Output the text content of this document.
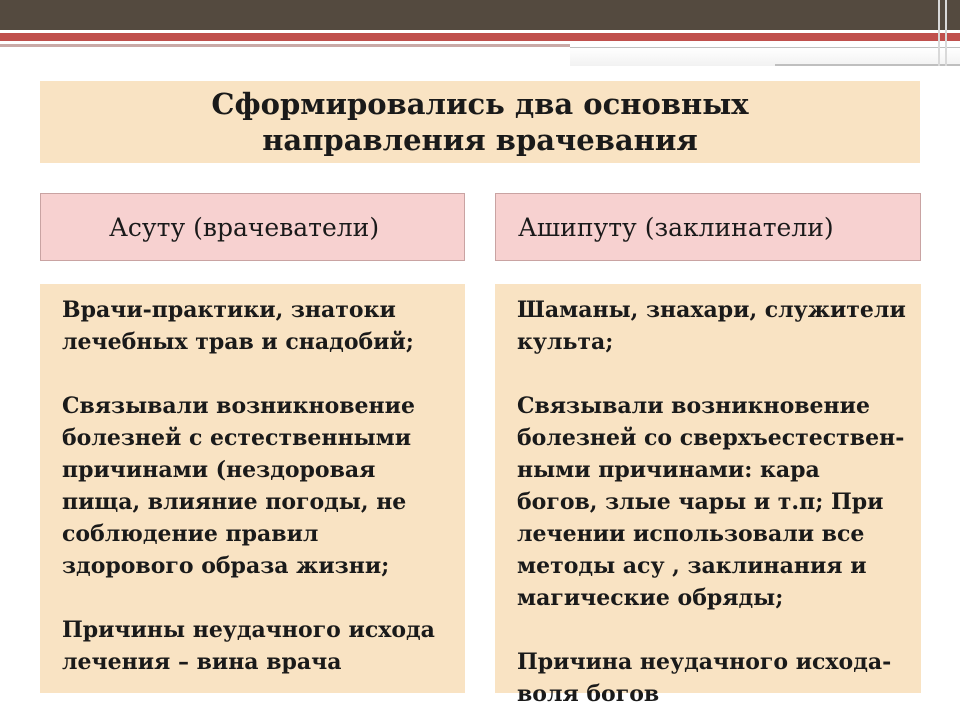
Сформировались два основных
направления врачевания
Асуту (врачеватели)	Ашипуту (заклинатели)

Врачи-практики, знатоки
лечебных трав и снадобий;

Связывали возникновение
болезней с естественными
причинами (нездоровая
пища, влияние погоды, не
соблюдение правил
здорового образа жизни;

Причины неудачного исхода
лечения – вина врача

Шаманы, знахари, служители
культа;

Связывали возникновение
болезней со сверхъестествен-
ными причинами: кара
богов, злые чары и т.п; При
лечении использовали все
методы асу , заклинания и
магические обряды;

Причина неудачного исхода-
воля богов
